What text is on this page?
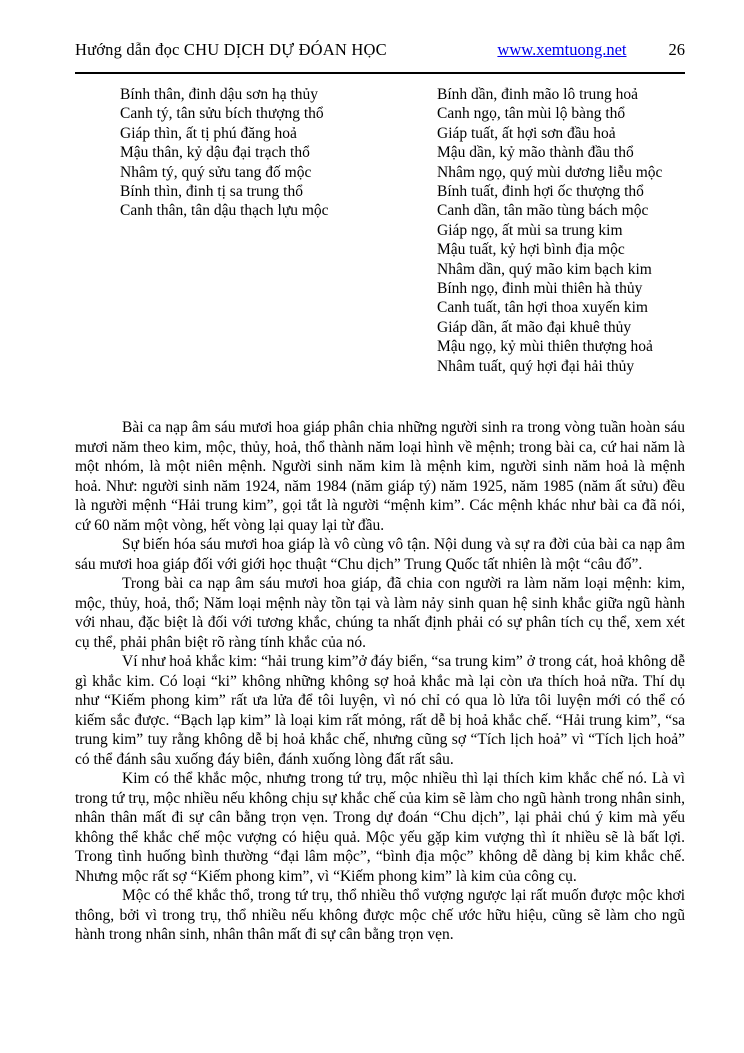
Hướng dẫn đọc CHU DỊCH DỰ ĐÓAN HỌC	www.xemtuong.net	26
Bính thân, đinh dậu sơn hạ thủy
Canh tý, tân sửu bích thượng thổ
Giáp thìn, ất tị phú đăng hoả
Mậu thân, kỷ dậu đại trạch thổ
Nhâm tý, quý sửu tang đố mộc
Bính thìn, đinh tị sa trung thổ
Canh thân, tân dậu thạch lựu mộc
Bính dần, đinh mão lô trung hoả
Canh ngọ, tân mùi lộ bàng thổ
Giáp tuất, ất hợi sơn đầu hoả
Mậu dần, kỷ mão thành đầu thổ
Nhâm ngọ, quý mùi dương liễu mộc
Bính tuất, đinh hợi ốc thượng thổ
Canh dần, tân mão tùng bách mộc
Giáp ngọ, ất mùi sa trung kim
Mậu tuất, kỷ hợi bình địa mộc
Nhâm dần, quý mão kim bạch kim
Bính ngọ, đinh mùi thiên hà thủy
Canh tuất, tân hợi thoa xuyến kim
Giáp dần, ất mão đại khuê thủy
Mậu ngọ, kỷ mùi thiên thượng hoả
Nhâm tuất, quý hợi đại hải thủy

Bài ca nạp âm sáu mươi hoa giáp phân chia những người sinh ra trong vòng tuần hoàn sáu mươi năm theo kim, mộc, thủy, hoả, thổ thành năm loại hình về mệnh; trong bài ca, cứ hai năm là một nhóm, là một niên mệnh. Người sinh năm kim là mệnh kim, người sinh năm hoả là mệnh hoả. Như: người sinh năm 1924, năm 1984 (năm giáp tý) năm 1925, năm 1985 (năm ất sửu) đều là người mệnh “Hải trung kim”, gọi tắt là người “mệnh kim”. Các mệnh khác như bài ca đã nói, cứ 60 năm một vòng, hết vòng lại quay lại từ đầu.

Sự biến hóa sáu mươi hoa giáp là vô cùng vô tận. Nội dung và sự ra đời của bài ca nạp âm sáu mươi hoa giáp đối với giới học thuật “Chu dịch” Trung Quốc tất nhiên là một “câu đố”.

Trong bài ca nạp âm sáu mươi hoa giáp, đã chia con người ra làm năm loại mệnh: kim, mộc, thủy, hoả, thổ; Năm loại mệnh này tồn tại và làm nảy sinh quan hệ sinh khắc giữa ngũ hành với nhau, đặc biệt là đối với tương khắc, chúng ta nhất định phải có sự phân tích cụ thể, xem xét cụ thể, phải phân biệt rõ ràng tính khắc của nó.

Ví như hoả khắc kim: “hải trung kim”ở đáy biển, “sa trung kim” ở trong cát, hoả không dễ gì khắc kim. Có loại “ki” không những không sợ hoả khắc mà lại còn ưa thích hoả nữa. Thí dụ như “Kiếm phong kim” rất ưa lửa để tôi luyện, vì nó chỉ có qua lò lửa tôi luyện mới có thể có kiếm sắc được. “Bạch lạp kim” là loại kim rất mỏng, rất dễ bị hoả khắc chế. “Hải trung kim”, “sa trung kim” tuy rằng không dễ bị hoả khắc chế, nhưng cũng sợ “Tích lịch hoả” vì “Tích lịch hoả” có thể đánh sâu xuống đáy biên, đánh xuống lòng đất rất sâu.

Kim có thể khắc mộc, nhưng trong tứ trụ, mộc nhiều thì lại thích kim khắc chế nó. Là vì trong tứ trụ, mộc nhiều nếu không chịu sự khắc chế của kim sẽ làm cho ngũ hành trong nhân sinh, nhân thân mất đi sự cân bằng trọn vẹn. Trong dự đoán “Chu dịch”, lại phải chú ý kim mà yếu không thể khắc chế mộc vượng có hiệu quả. Mộc yếu gặp kim vượng thì ít nhiều sẽ là bất lợi. Trong tình huống bình thường “đại lâm mộc”, “bình địa mộc” không dễ dàng bị kim khắc chế. Nhưng mộc rất sợ “Kiếm phong kim”, vì “Kiếm phong kim” là kim của công cụ.

Mộc có thể khắc thổ, trong tứ trụ, thổ nhiều thổ vượng ngược lại rất muốn được mộc khơi thông, bởi vì trong trụ, thổ nhiều nếu không được mộc chế ước hữu hiệu, cũng sẽ làm cho ngũ hành trong nhân sinh, nhân thân mất đi sự cân bằng trọn vẹn.
